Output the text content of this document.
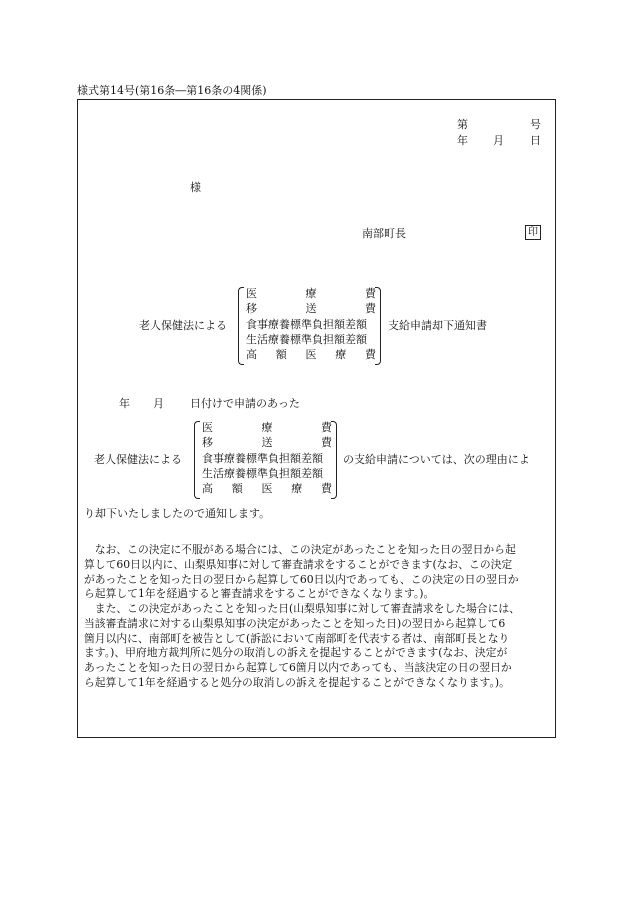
様式第14号(第16条―第16条の4関係)
第	号
年 月 日
様
南部町長	印
老人保健法による
医	療	費
移	送	費
食事療養標準負担額差額
生活療養標準負担額差額
高 額 医 療 費
支給申請却下通知書
年 月 日付けで申請のあった
老人保健法による
医	療	費
移	送	費
食事療養標準負担額差額
生活療養標準負担額差額
高 額 医 療 費
の支給申請については、次の理由によ
り却下いたしましたので通知します。
　なお、この決定に不服がある場合には、この決定があったことを知った日の翌日から起
算して60日以内に、山梨県知事に対して審査請求をすることができます(なお、この決定
があったことを知った日の翌日から起算して60日以内であっても、この決定の日の翌日か
ら起算して1年を経過すると審査請求をすることができなくなります。)。
　また、この決定があったことを知った日(山梨県知事に対して審査請求をした場合には、
当該審査請求に対する山梨県知事の決定があったことを知った日)の翌日から起算して6
箇月以内に、南部町を被告として(訴訟において南部町を代表する者は、南部町長となり
ます。)、甲府地方裁判所に処分の取消しの訴えを提起することができます(なお、決定が
あったことを知った日の翌日から起算して6箇月以内であっても、当該決定の日の翌日か
ら起算して1年を経過すると処分の取消しの訴えを提起することができなくなります。)。
